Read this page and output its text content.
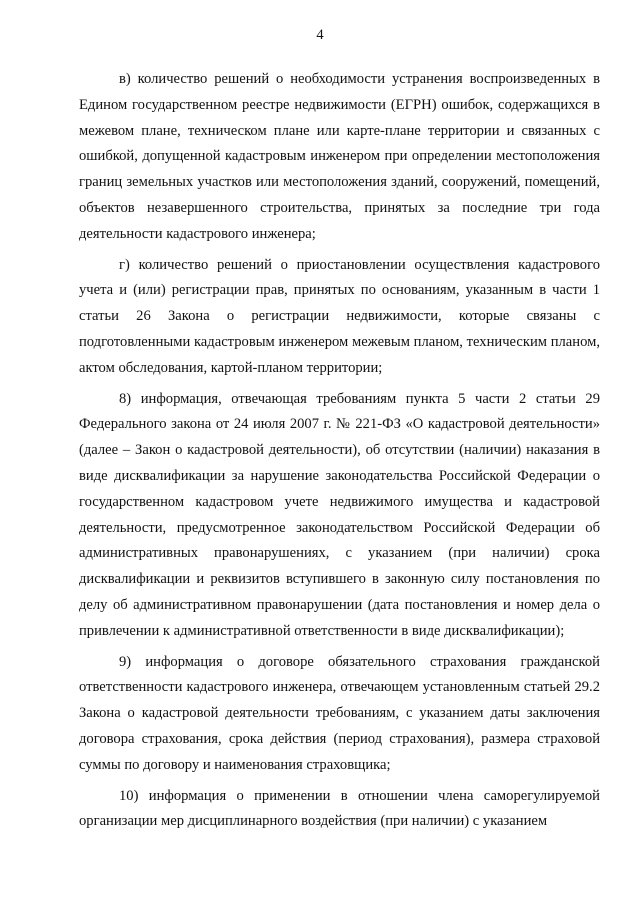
4

в) количество решений о необходимости устранения воспроизведенных в Едином государственном реестре недвижимости (ЕГРН) ошибок, содержащихся в межевом плане, техническом плане или карте-плане территории и связанных с ошибкой, допущенной кадастровым инженером при определении местоположения границ земельных участков или местоположения зданий, сооружений, помещений, объектов незавершенного строительства, принятых за последние три года деятельности кадастрового инженера;

г) количество решений о приостановлении осуществления кадастрового учета и (или) регистрации прав, принятых по основаниям, указанным в части 1 статьи 26 Закона о регистрации недвижимости, которые связаны с подготовленными кадастровым инженером межевым планом, техническим планом, актом обследования, картой-планом территории;

8) информация, отвечающая требованиям пункта 5 части 2 статьи 29 Федерального закона от 24 июля 2007 г. № 221-ФЗ «О кадастровой деятельности» (далее – Закон о кадастровой деятельности), об отсутствии (наличии) наказания в виде дисквалификации за нарушение законодательства Российской Федерации о государственном кадастровом учете недвижимого имущества и кадастровой деятельности, предусмотренное законодательством Российской Федерации об административных правонарушениях, с указанием (при наличии) срока дисквалификации и реквизитов вступившего в законную силу постановления по делу об административном правонарушении (дата постановления и номер дела о привлечении к административной ответственности в виде дисквалификации);

9) информация о договоре обязательного страхования гражданской ответственности кадастрового инженера, отвечающем установленным статьей 29.2 Закона о кадастровой деятельности требованиям, с указанием даты заключения договора страхования, срока действия (период страхования), размера страховой суммы по договору и наименования страховщика;

10) информация о применении в отношении члена саморегулируемой организации мер дисциплинарного воздействия (при наличии) с указанием
